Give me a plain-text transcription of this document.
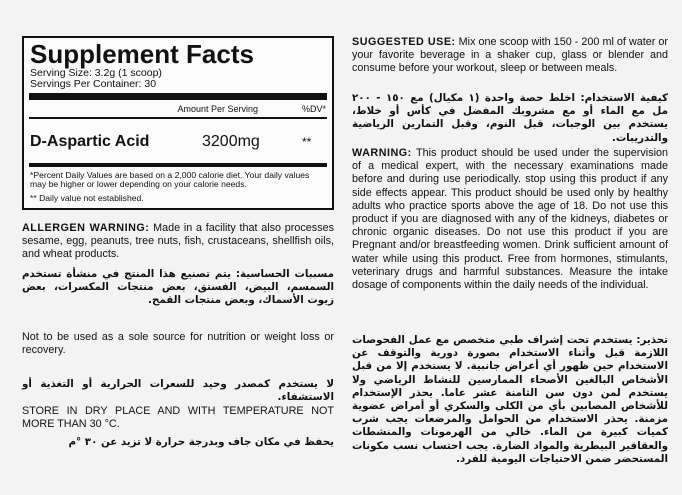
Supplement Facts
Serving Size: 3.2g (1 scoop)
Servings Per Container: 30
Amount Per Serving	%DV*
D-Aspartic Acid	3200mg	**
*Percent Daily Values are based on a 2,000 calorie diet. Your daily values may be higher or lower depending on your calorie needs.
** Daily value not established.

ALLERGEN WARNING: Made in a facility that also processes sesame, egg, peanuts, tree nuts, fish, crustaceans, shellfish oils, and wheat products.

مسببات الحساسية: يتم تصنيع هذا المنتج في منشأة تستخدم السمسم، البيض، الفستق، بعض منتجات المكسرات، بعض زيوت الأسماك، وبعض منتجات القمح.

Not to be used as a sole source for nutrition or weight loss or recovery.

لا يستخدم كمصدر وحيد للسعرات الحرارية أو التغذية أو الاستشفاء.

STORE IN DRY PLACE AND WITH TEMPERATURE NOT MORE THAN 30 °C.

يحفظ في مكان جاف وبدرجة حرارة لا تزيد عن ٣٠ °م

SUGGESTED USE: Mix one scoop with 150 - 200 ml of water or your favorite beverage in a shaker cup, glass or blender and consume before your workout, sleep or between meals.

كيفية الاستخدام: اخلط حصة واحدة (١ مكيال) مع ١٥٠ - ٢٠٠ مل مع الماء أو مع مشروبك المفضل في كأس أو خلاط، يستخدم بين الوجبات، قبل النوم، وقبل التمارين الرياضية والتدريبات.

WARNING: This product should be used under the supervision of a medical expert, with the necessary examinations made before and during use periodically. stop using this product if any side effects appear. This product should be used only by healthy adults who practice sports above the age of 18. Do not use this product if you are diagnosed with any of the kidneys, diabetes or chronic organic diseases. Do not use this product if you are Pregnant and/or breastfeeding women. Drink sufficient amount of water while using this product. Free from hormones, stimulants, veterinary drugs and harmful substances. Measure the intake dosage of components within the daily needs of the individual.

تحذير: يستخدم تحت إشراف طبي متخصص مع عمل الفحوصات اللازمة قبل وأثناء الاستخدام بصورة دورية والتوقف عن الاستخدام حين ظهور أي أعراض جانبية. لا يستخدم إلا من قبل الأشخاص البالغين الأصحاء الممارسين للنشاط الرياضي ولا يستخدم لمن دون سن الثامنة عشر عاما. يحذر الإستخدام للأشخاص المصابين بأي من الكلى والسكري أو أمراض عضوية مزمنة. يحذر الاستخدام من الحوامل والمرضعات يجب شرب كميات كبيرة من الماء. خالي من الهرمونات والمنشطات والعقاقير البيطرية والمواد الضارة. يجب احتساب نسب مكونات المستحضر ضمن الاحتياجات اليومية للفرد.
